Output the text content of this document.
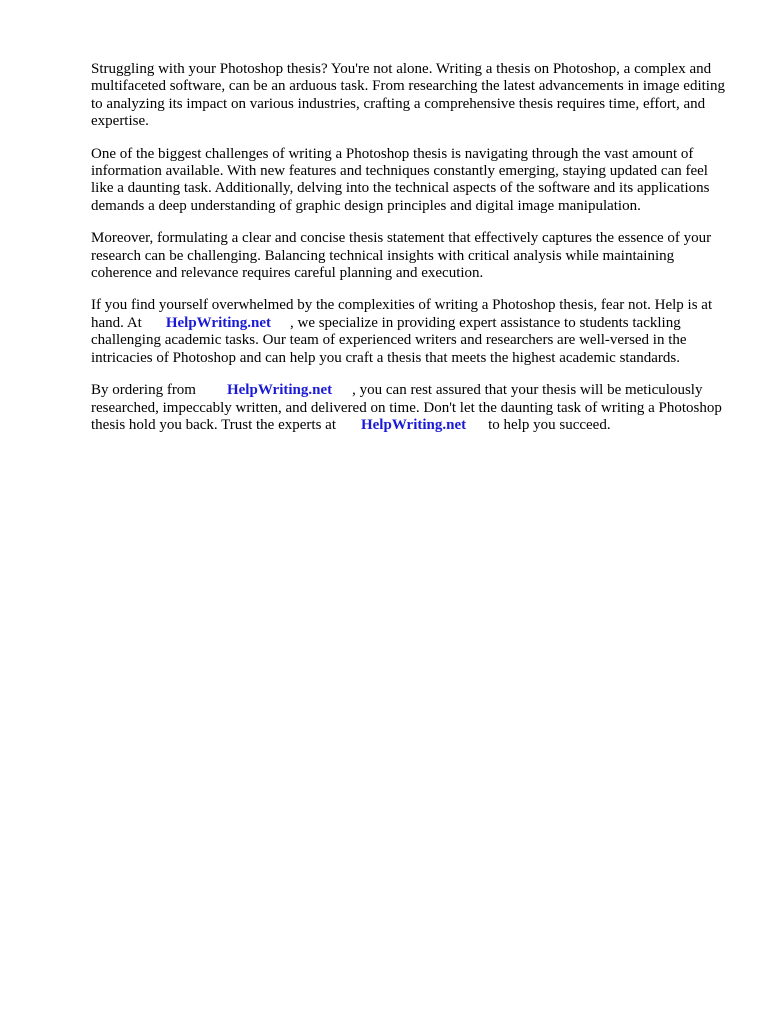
Struggling with your Photoshop thesis? You're not alone. Writing a thesis on Photoshop, a complex and multifaceted software, can be an arduous task. From researching the latest advancements in image editing to analyzing its impact on various industries, crafting a comprehensive thesis requires time, effort, and expertise.

One of the biggest challenges of writing a Photoshop thesis is navigating through the vast amount of information available. With new features and techniques constantly emerging, staying updated can feel like a daunting task. Additionally, delving into the technical aspects of the software and its applications demands a deep understanding of graphic design principles and digital image manipulation.

Moreover, formulating a clear and concise thesis statement that effectively captures the essence of your research can be challenging. Balancing technical insights with critical analysis while maintaining coherence and relevance requires careful planning and execution.

If you find yourself overwhelmed by the complexities of writing a Photoshop thesis, fear not. Help is at hand. At HelpWriting.net , we specialize in providing expert assistance to students tackling challenging academic tasks. Our team of experienced writers and researchers are well-versed in the intricacies of Photoshop and can help you craft a thesis that meets the highest academic standards.

By ordering from HelpWriting.net , you can rest assured that your thesis will be meticulously researched, impeccably written, and delivered on time. Don't let the daunting task of writing a Photoshop thesis hold you back. Trust the experts at HelpWriting.net to help you succeed.
